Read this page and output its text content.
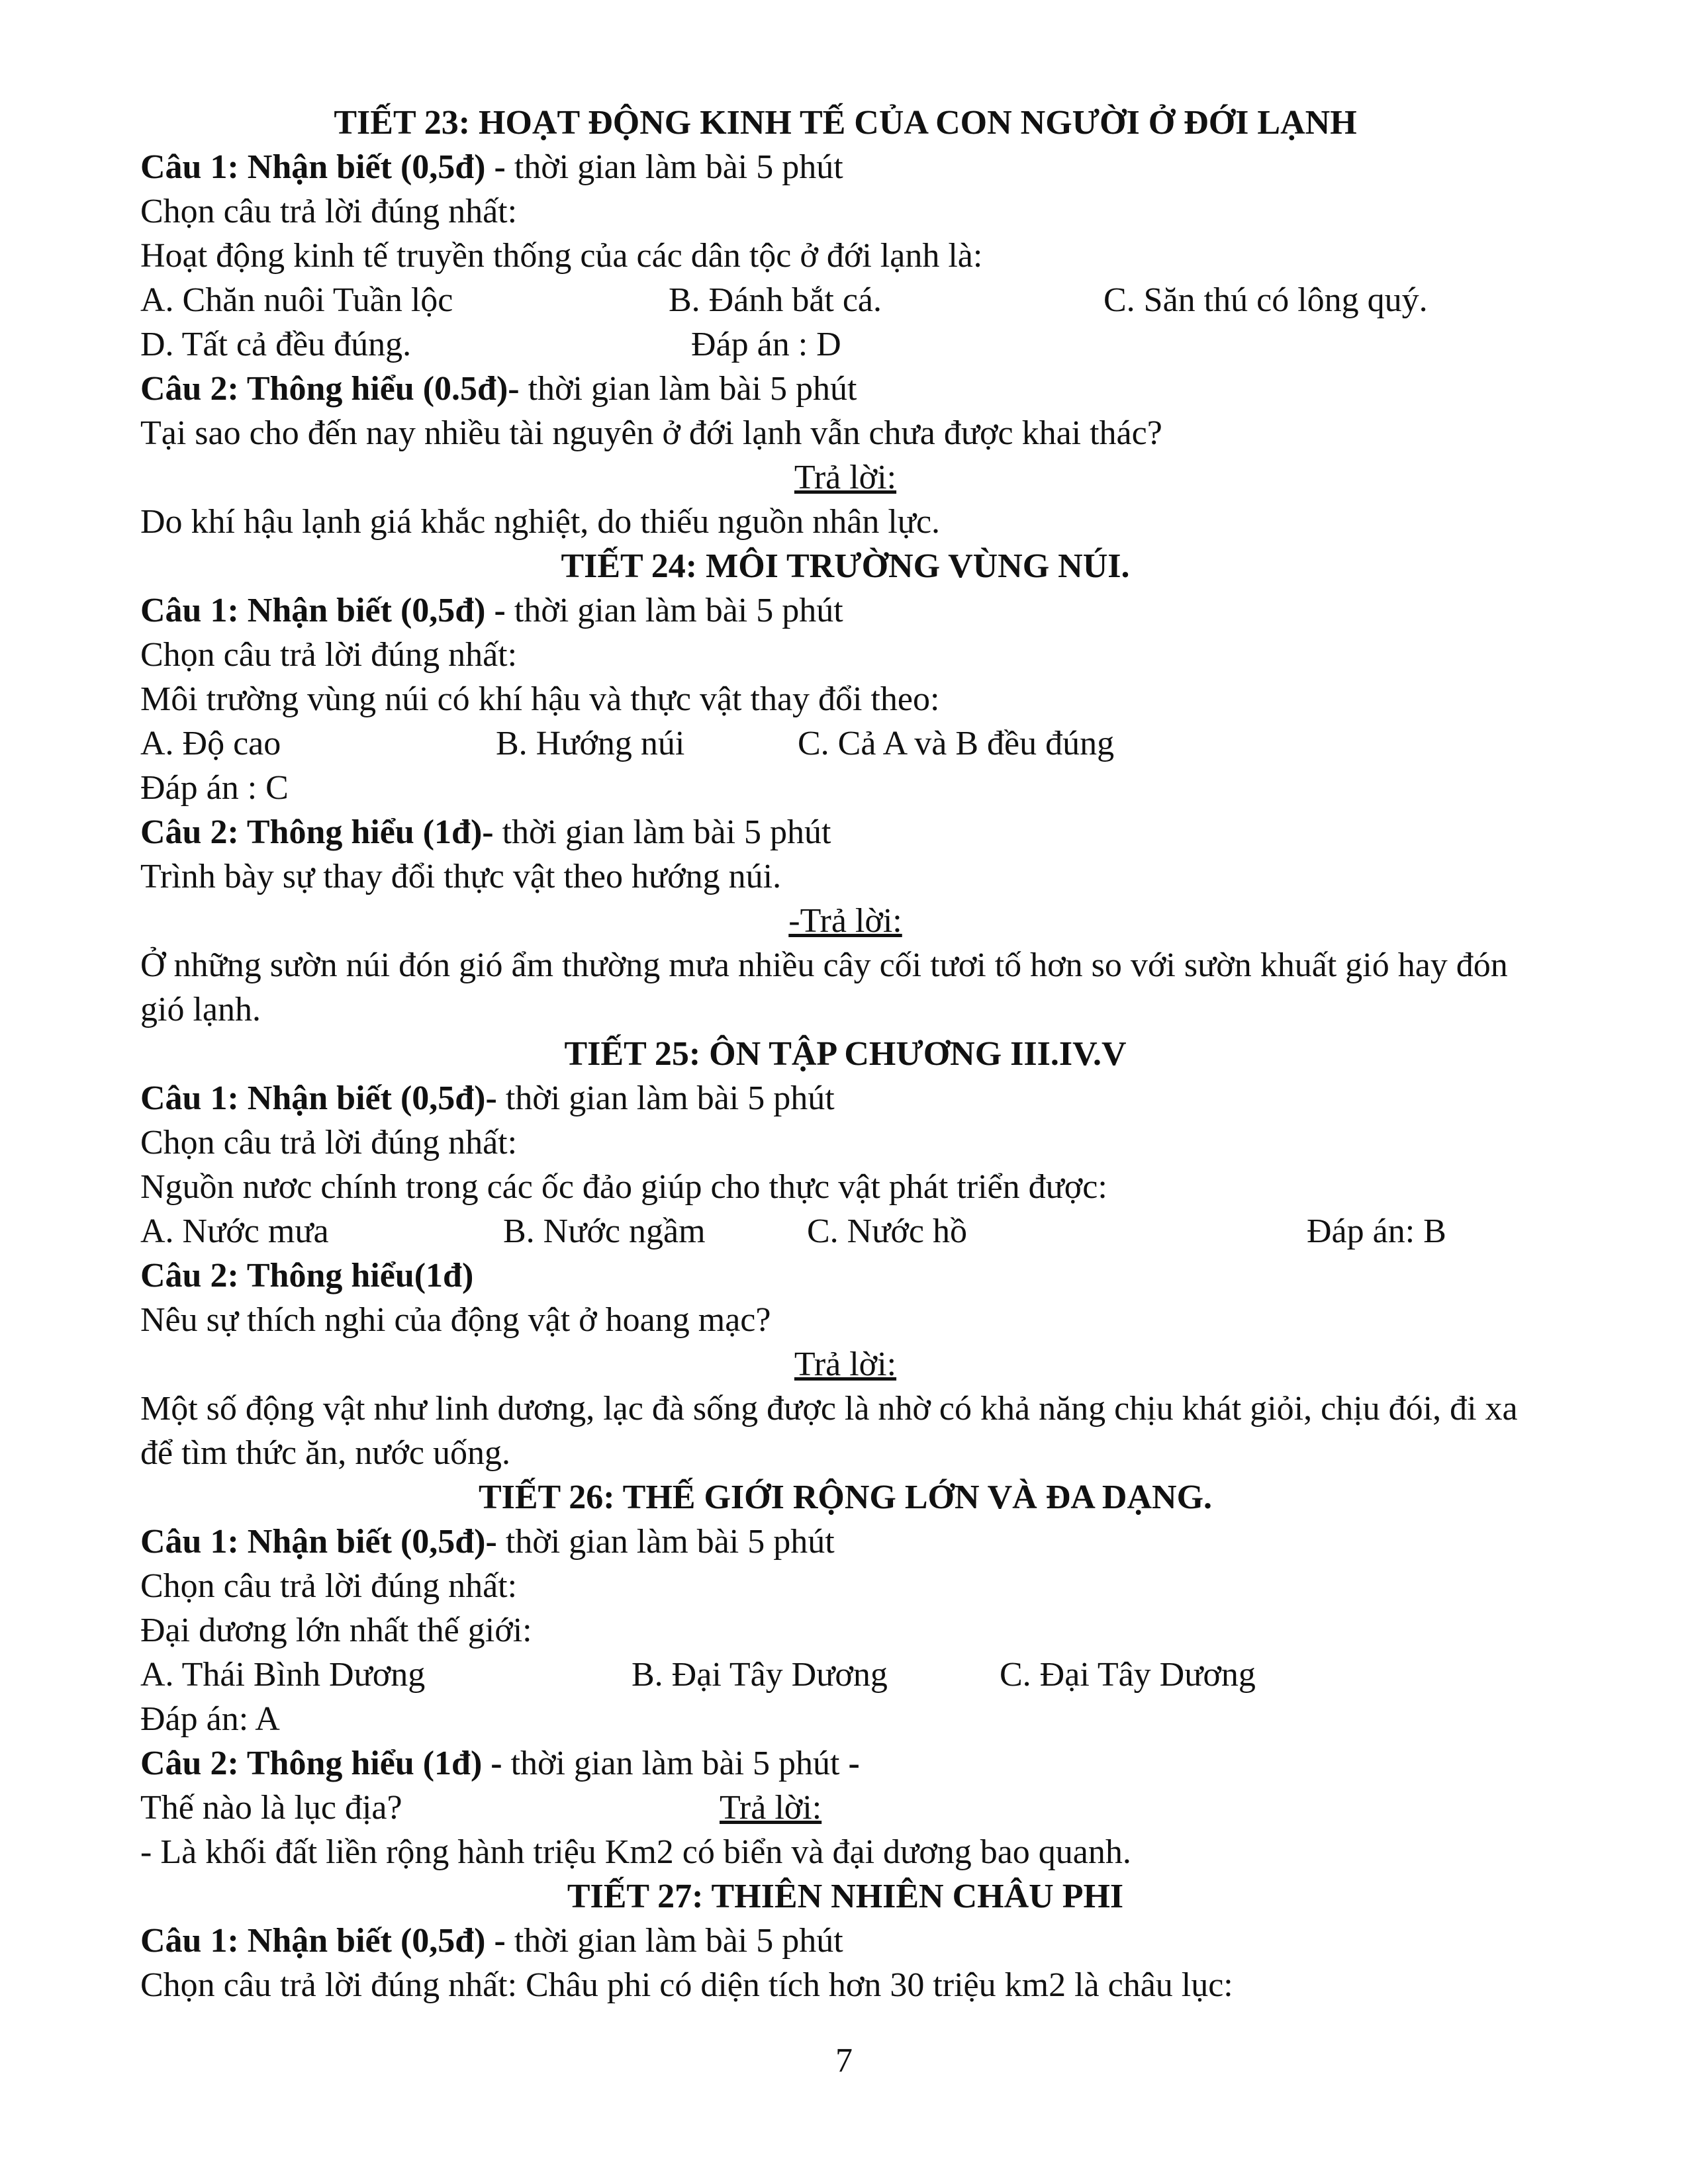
TIẾT 23: HOẠT ĐỘNG KINH TẾ CỦA CON NGƯỜI Ở ĐỚI LẠNH
Câu 1: Nhận biết (0,5đ) - thời gian làm bài 5 phút
Chọn câu trả lời đúng nhất:
Hoạt động kinh tế truyền thống của các dân tộc ở đới lạnh là:
A. Chăn nuôi Tuần lộc	B. Đánh bắt cá.	C. Săn thú có lông quý.
D. Tất cả đều đúng.	Đáp án : D
Câu 2: Thông hiểu (0.5đ)- thời gian làm bài 5 phút
Tại sao cho đến nay nhiều tài nguyên ở đới lạnh vẫn chưa được khai thác?
Trả lời:
Do khí hậu lạnh giá khắc nghiệt, do thiếu nguồn nhân lực.
TIẾT 24: MÔI TRƯỜNG VÙNG NÚI.
Câu 1: Nhận biết (0,5đ) - thời gian làm bài 5 phút
Chọn câu trả lời đúng nhất:
Môi trường vùng núi có khí hậu và thực vật thay đổi theo:
A. Độ cao	B. Hướng núi	C. Cả A và B đều đúng
Đáp án : C
Câu 2: Thông hiểu (1đ)- thời gian làm bài 5 phút
Trình bày sự thay đổi thực vật theo hướng núi.
-Trả lời:
Ở những sườn núi đón gió ẩm thường mưa nhiều cây cối tươi tố hơn so với sườn khuất gió hay đón gió lạnh.
TIẾT 25: ÔN TẬP CHƯƠNG III.IV.V
Câu 1: Nhận biết (0,5đ)- thời gian làm bài 5 phút
Chọn câu trả lời đúng nhất:
Nguồn nươc chính trong các ốc đảo giúp cho thực vật phát triển được:
A. Nước mưa	B. Nước ngầm	C. Nước hồ	Đáp án: B
Câu 2: Thông hiểu(1đ)
Nêu sự thích nghi của động vật ở hoang mạc?
Trả lời:
Một số động vật như linh dương, lạc đà sống được là nhờ có khả năng chịu khát giỏi, chịu đói, đi xa để tìm thức ăn, nước uống.
TIẾT 26: THẾ GIỚI RỘNG LỚN VÀ ĐA DẠNG.
Câu 1: Nhận biết (0,5đ)- thời gian làm bài 5 phút
Chọn câu trả lời đúng nhất:
Đại dương lớn nhất thế giới:
A. Thái Bình Dương	B. Đại Tây Dương	C. Đại Tây Dương
Đáp án: A
Câu 2: Thông hiểu (1đ) - thời gian làm bài 5 phút -
Thế nào là lục địa?	Trả lời:
- Là khối đất liền rộng hành triệu Km2 có biển và đại dương bao quanh.
TIẾT 27: THIÊN NHIÊN CHÂU PHI
Câu 1: Nhận biết (0,5đ) - thời gian làm bài 5 phút
Chọn câu trả lời đúng nhất: Châu phi có diện tích hơn 30 triệu km2 là châu lục:
7
